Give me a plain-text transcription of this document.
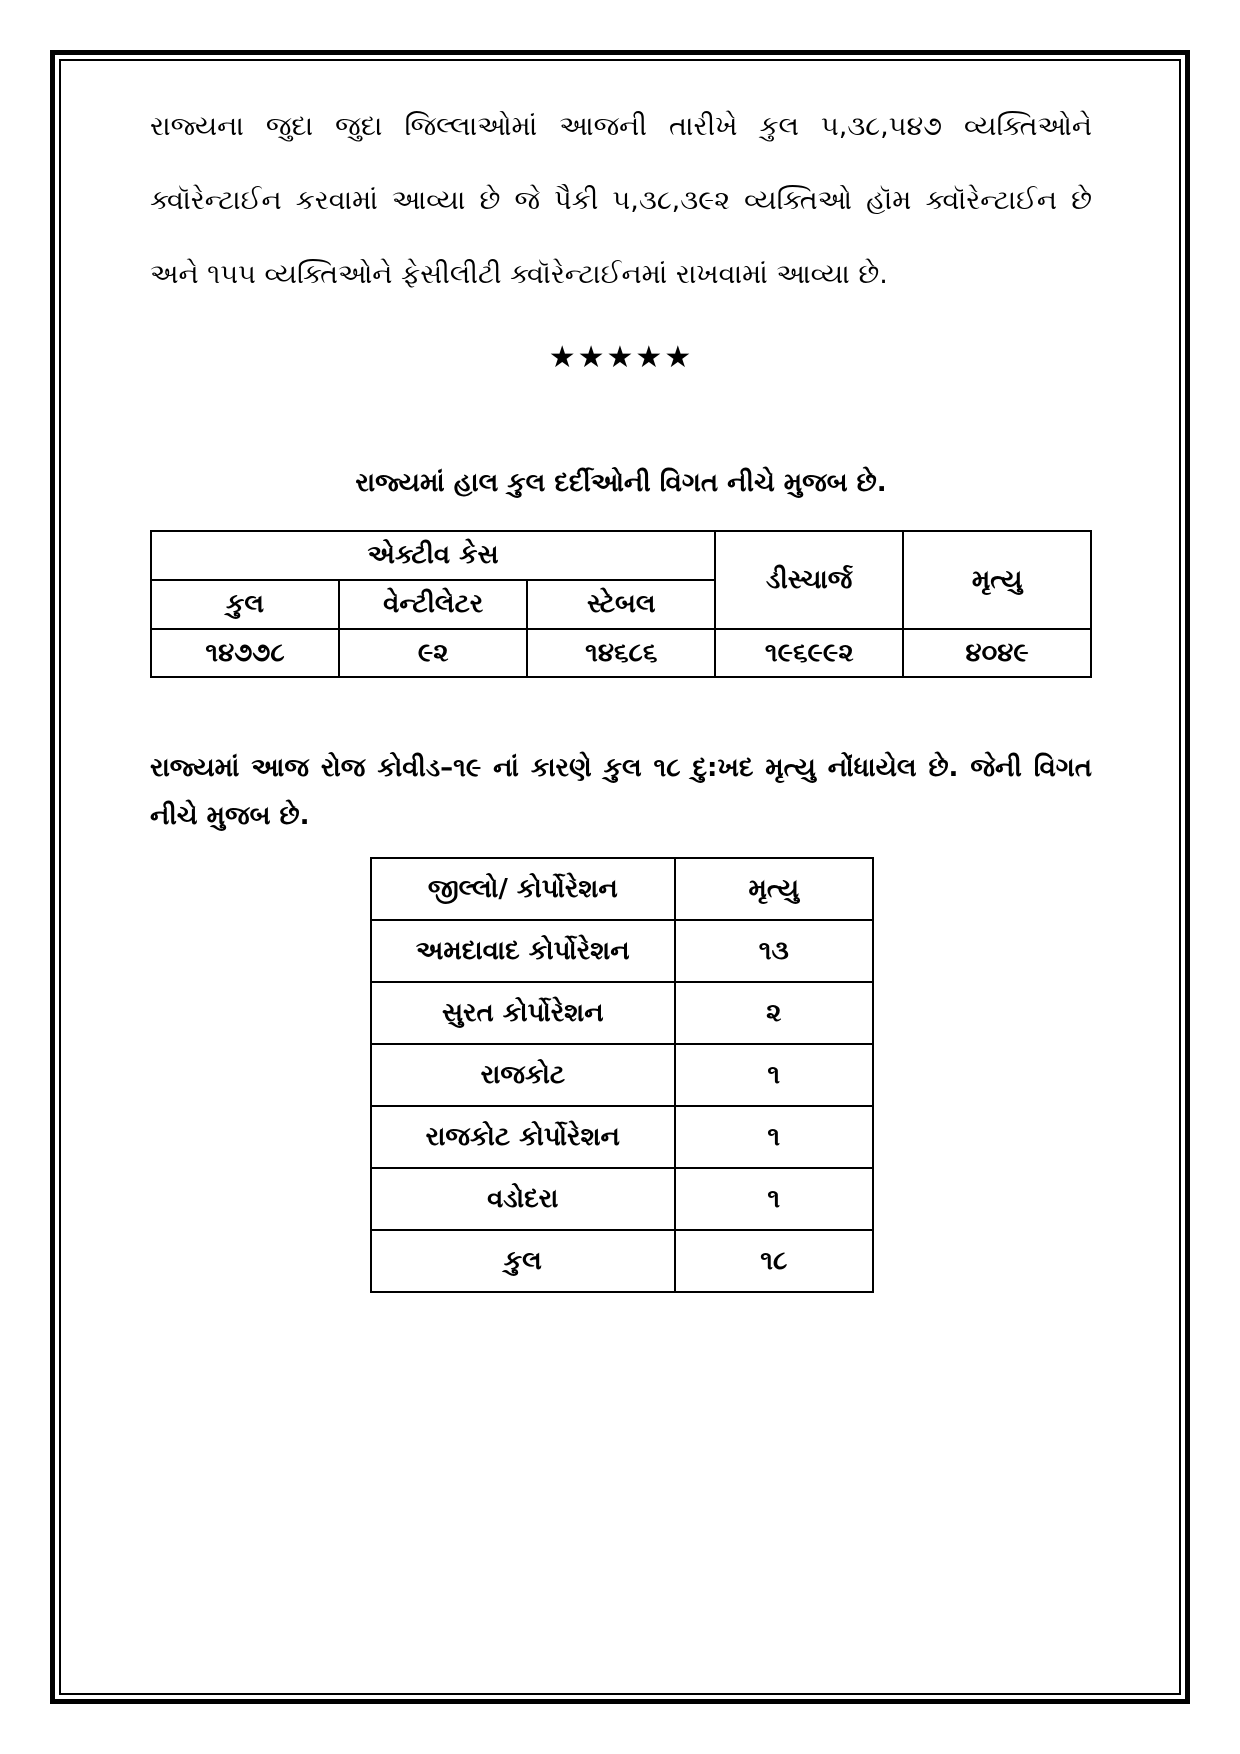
રાજ્યના જુદા જુદા જિલ્લાઓમાં આજની તારીખે કુલ ૫,૩૮,૫૪૭ વ્યક્તિઓને ક્વૉરેન્ટાઈન કરવામાં આવ્યા છે જે પૈકી ૫,૩૮,૩૯૨ વ્યક્તિઓ હૉમ ક્વૉરેન્ટાઈન છે અને ૧૫૫ વ્યક્તિઓને ફેસીલીટી ક્વૉરેન્ટાઈનમાં રાખવામાં આવ્યા છે.

★★★★★
રાજ્યમાં હાલ કુલ દર્દીઓની વિગત નીચે મુજબ છે.
એક્ટીવ કેસ			ડીસ્ચાર્જ	મૃત્યુ
કુલ	વેન્ટીલેટર	સ્ટેબલ		
૧૪૭૭૮	૯૨	૧૪૬૮૬	૧૯૬૯૯૨	૪૦૪૯

રાજ્યમાં આજ રોજ કોવીડ–૧૯ નાં કારણે કુલ ૧૮ દુ:ખદ મૃત્યુ નોંધાયેલ છે. જેની વિગત નીચે મુજબ છે.

જીલ્લો/ કોર્પોરેશન	મૃત્યુ
અમદાવાદ કોર્પોરેશન	૧૩
સુરત કોર્પોરેશન	૨
રાજકોટ	૧
રાજકોટ કોર્પોરેશન	૧
વડોદરા	૧
કુલ	૧૮
